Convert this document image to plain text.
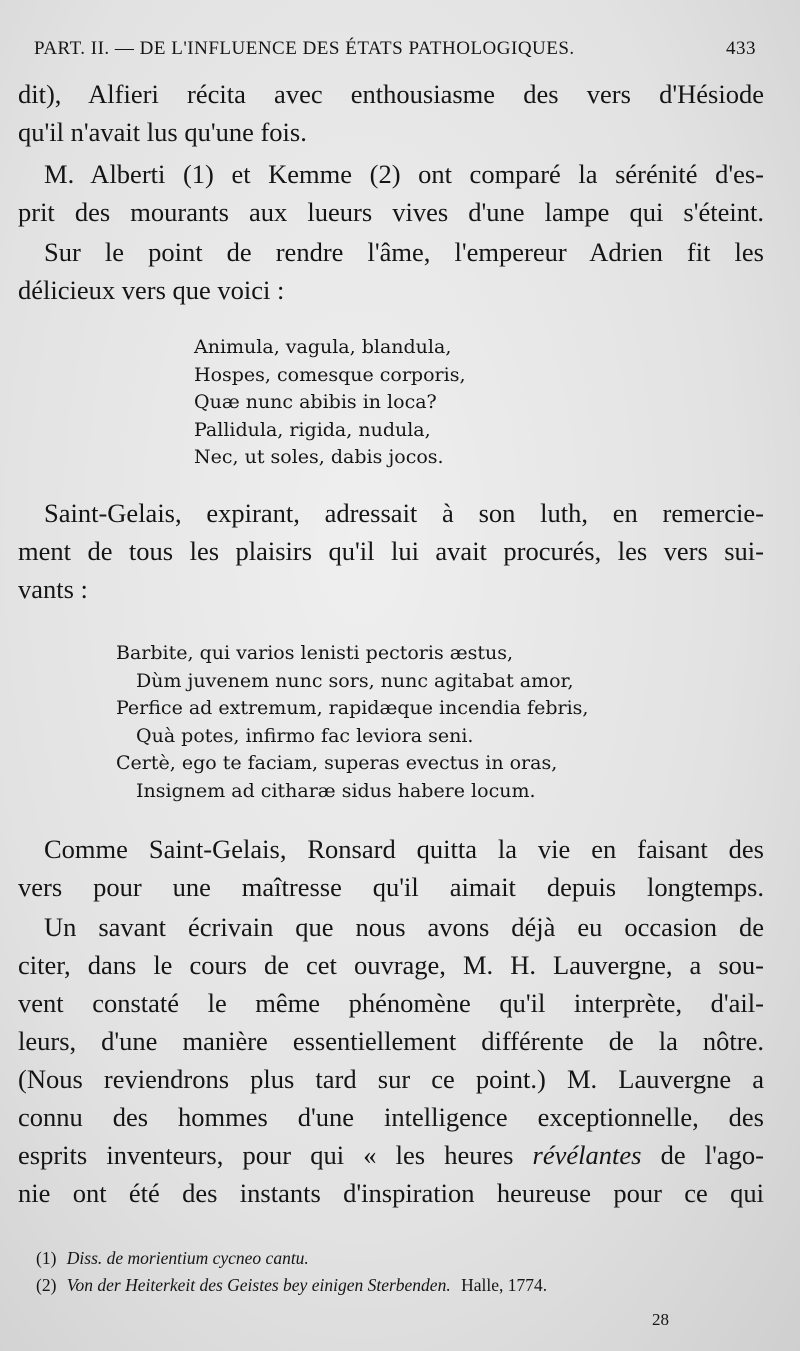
PART. II. — DE L'INFLUENCE DES ÉTATS PATHOLOGIQUES.	433
dit), Alfieri récita avec enthousiasme des vers d'Hésiode
qu'il n'avait lus qu'une fois.
M. Alberti (1) et Kemme (2) ont comparé la sérénité d'es-
prit des mourants aux lueurs vives d'une lampe qui s'éteint.
Sur le point de rendre l'âme, l'empereur Adrien fit les
délicieux vers que voici :
Animula, vagula, blandula,
Hospes, comesque corporis,
Quæ nunc abibis in loca?
Pallidula, rigida, nudula,
Nec, ut soles, dabis jocos.
Saint-Gelais, expirant, adressait à son luth, en remercie-
ment de tous les plaisirs qu'il lui avait procurés, les vers sui-
vants :
Barbite, qui varios lenisti pectoris æstus,
Dùm juvenem nunc sors, nunc agitabat amor,
Perfice ad extremum, rapidæque incendia febris,
Quà potes, infirmo fac leviora seni.
Certè, ego te faciam, superas evectus in oras,
Insignem ad citharæ sidus habere locum.
Comme Saint-Gelais, Ronsard quitta la vie en faisant des
vers pour une maîtresse qu'il aimait depuis longtemps.
Un savant écrivain que nous avons déjà eu occasion de
citer, dans le cours de cet ouvrage, M. H. Lauvergne, a sou-
vent constaté le même phénomène qu'il interprète, d'ail-
leurs, d'une manière essentiellement différente de la nôtre.
(Nous reviendrons plus tard sur ce point.) M. Lauvergne a
connu des hommes d'une intelligence exceptionnelle, des
esprits inventeurs, pour qui « les heures révélantes de l'ago-
nie ont été des instants d'inspiration heureuse pour ce qui
(1) Diss. de morientium cycneo cantu.
(2) Von der Heiterkeit des Geistes bey einigen Sterbenden. Halle, 1774.
28
